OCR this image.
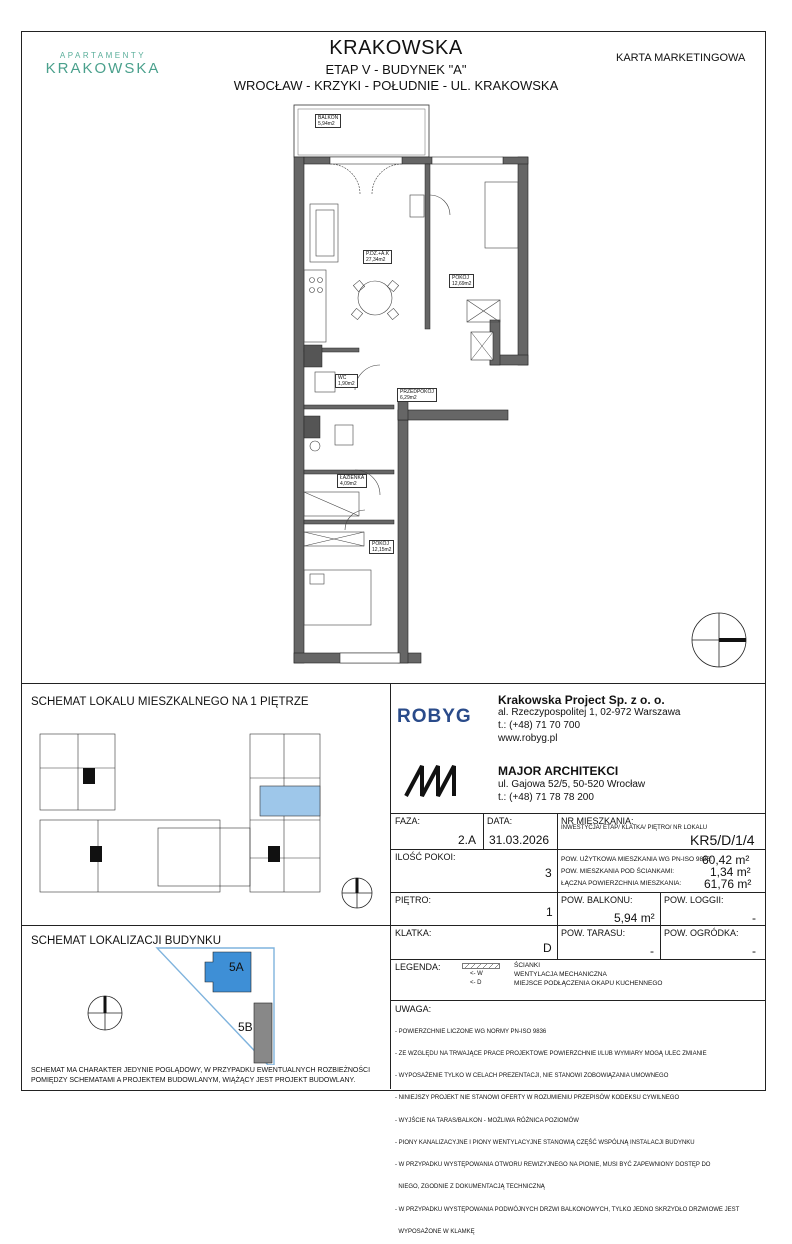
APARTAMENTY
KRAKOWSKA
KRAKOWSKA
ETAP V - BUDYNEK "A"
WROCŁAW - KRZYKI - POŁUDNIE - UL. KRAKOWSKA
KARTA MARKETINGOWA
BALKON
5,94m2
P.DZ.+A.K
27,34m2
POKÓJ
12,69m2
WC
1,90m2
PRZEDPOKÓJ
6,29m2
ŁAZIENKA
4,09m2
POKÓJ
12,15m2
SCHEMAT LOKALU MIESZKALNEGO NA 1 PIĘTRZE
SCHEMAT LOKALIZACJI BUDYNKU
5A
5B
SCHEMAT MA CHARAKTER JEDYNIE POGLĄDOWY, W PRZYPADKU EWENTUALNYCH ROZBIEŻNOŚCI POMIĘDZY SCHEMATAMI A PROJEKTEM BUDOWLANYM, WIĄŻĄCY JEST PROJEKT BUDOWLANY.
ROBYG
Krakowska Project Sp. z o. o.
al. Rzeczypospolitej 1, 02-972 Warszawa
t.: (+48) 71 70 700
www.robyg.pl
MAJOR ARCHITEKCI
ul. Gajowa 52/5, 50-520 Wrocław
t.: (+48) 71 78 78 200
FAZA:
2.A
DATA:
31.03.2026
NR MIESZKANIA:
INWESTYCJA/ ETAP/ KLATKA/ PIĘTRO/ NR LOKALU
KR5/D/1/4
ILOŚĆ POKOI:
3
POW. UŻYTKOWA MIESZKANIA WG PN-ISO 9836:
60,42 m²
POW. MIESZKANIA POD ŚCIANKAMI:	1,34 m²
ŁĄCZNA POWIERZCHNIA MIESZKANIA: 61,76 m²
PIĘTRO:
1
POW. BALKONU:
5,94 m²
POW. LOGGII:
-
KLATKA:
D
POW. TARASU:
-
POW. OGRÓDKA:
-
LEGENDA:	ŚCIANKI
<- W	WENTYLACJA MECHANICZNA
<- D	MIEJSCE PODŁĄCZENIA OKAPU KUCHENNEGO
UWAGA:

- POWIERZCHNIE LICZONE WG NORMY PN-ISO 9836

- ZE WZGLĘDU NA TRWAJĄCE PRACE PROJEKTOWE POWIERZCHNIE I/LUB WYMIARY MOGĄ ULEC ZMIANIE

- WYPOSAŻENIE TYLKO W CELACH PREZENTACJI, NIE STANOWI ZOBOWIĄZANIA UMOWNEGO

- NINIEJSZY PROJEKT NIE STANOWI OFERTY W ROZUMIENIU PRZEPISÓW KODEKSU CYWILNEGO

- WYJŚCIE NA TARAS/BALKON - MOŻLIWA RÓŻNICA POZIOMÓW

- PIONY KANALIZACYJNE I PIONY WENTYLACYJNE STANOWIĄ CZĘŚĆ WSPÓLNĄ INSTALACJI BUDYNKU

- W PRZYPADKU WYSTĘPOWANIA OTWORU REWIZYJNEGO NA PIONIE, MUSI BYĆ ZAPEWNIONY DOSTĘP DO

NIEGO, ZGODNIE Z DOKUMENTACJĄ TECHNICZNĄ

- W PRZYPADKU WYSTĘPOWANIA PODWÓJNYCH DRZWI BALKONOWYCH, TYLKO JEDNO SKRZYDŁO DRZWIOWE JEST

WYPOSAŻONE W KLAMKĘ
